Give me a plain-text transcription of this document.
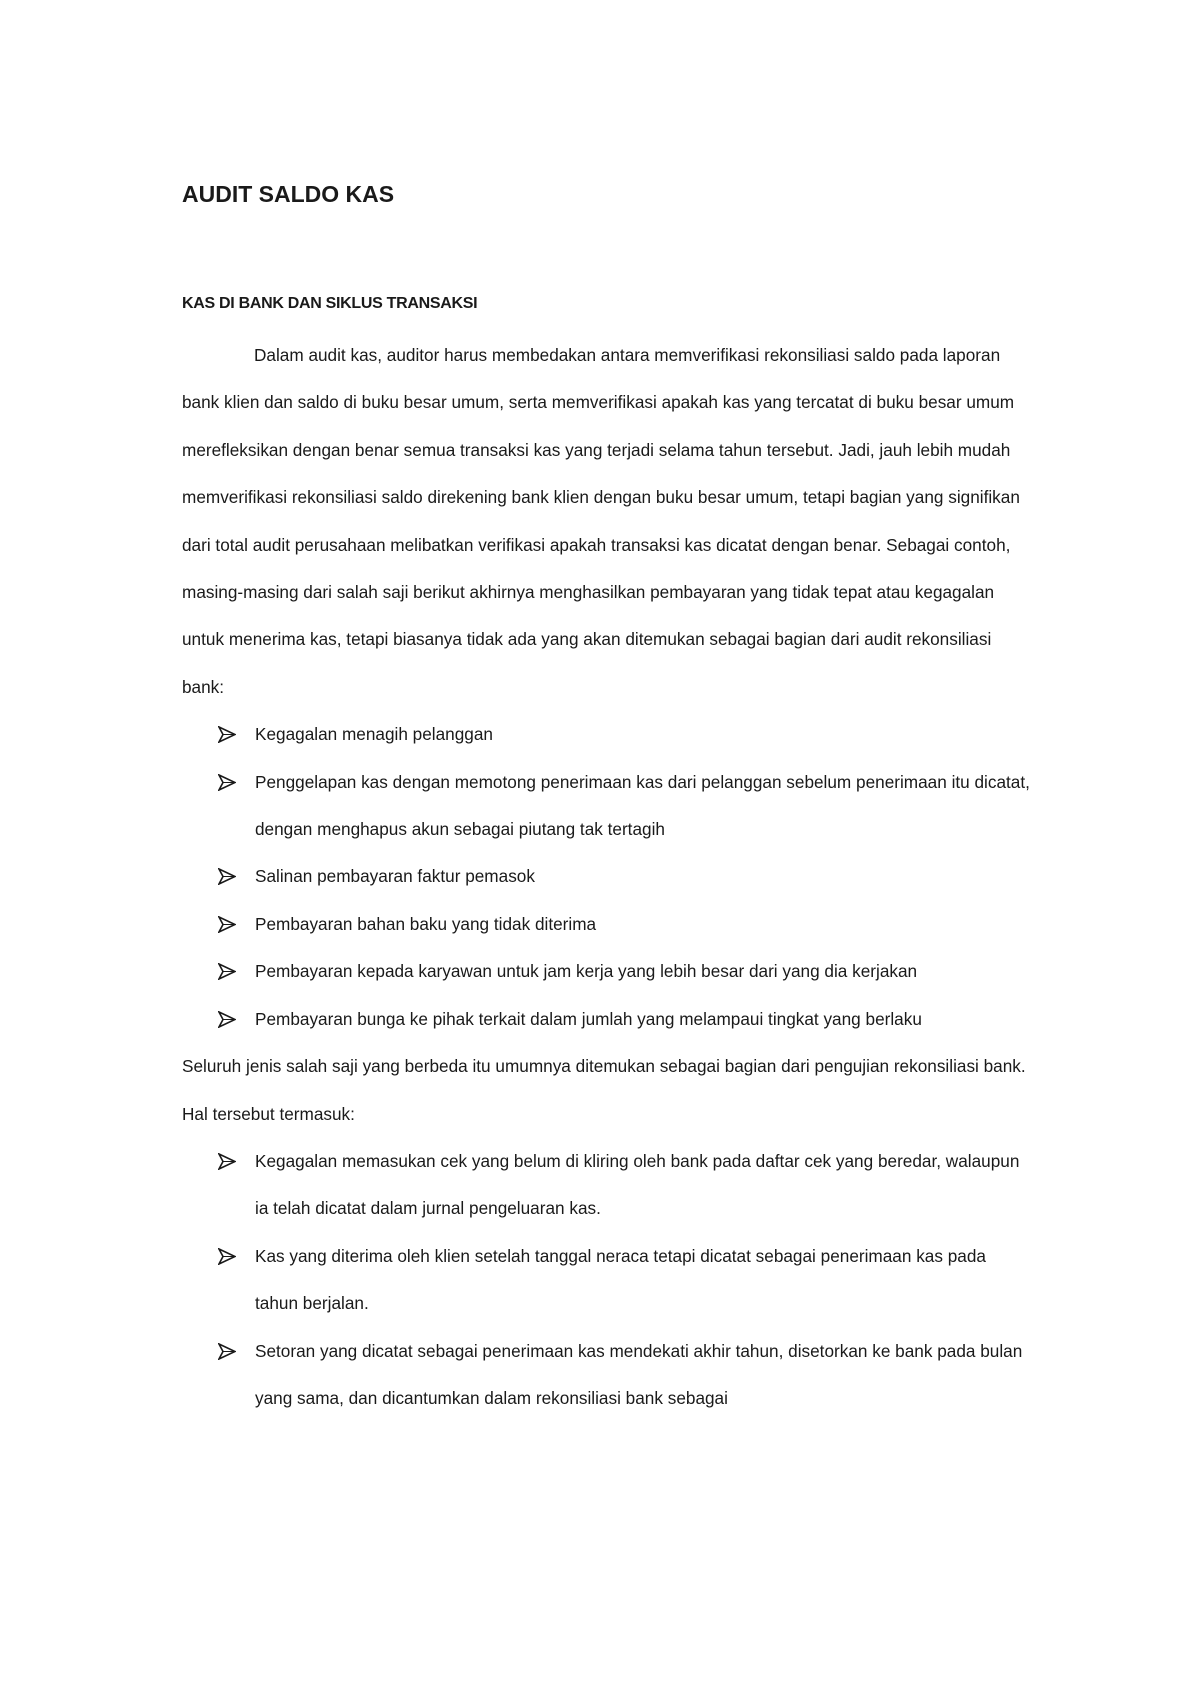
AUDIT SALDO KAS
KAS DI BANK DAN SIKLUS TRANSAKSI

Dalam audit kas, auditor harus membedakan antara memverifikasi rekonsiliasi saldo pada laporan bank klien dan saldo di buku besar umum, serta memverifikasi apakah kas yang tercatat di buku besar umum merefleksikan dengan benar semua transaksi kas yang terjadi selama tahun tersebut. Jadi, jauh lebih mudah memverifikasi rekonsiliasi saldo direkening bank klien dengan buku besar umum, tetapi bagian yang signifikan dari total audit perusahaan melibatkan verifikasi apakah transaksi kas dicatat dengan benar. Sebagai contoh, masing-masing dari salah saji berikut akhirnya menghasilkan pembayaran yang tidak tepat atau kegagalan untuk menerima kas, tetapi biasanya tidak ada yang akan ditemukan sebagai bagian dari audit rekonsiliasi bank:

Kegagalan menagih pelanggan
Penggelapan kas dengan memotong penerimaan kas dari pelanggan sebelum penerimaan itu dicatat, dengan menghapus akun sebagai piutang tak tertagih
Salinan pembayaran faktur pemasok
Pembayaran bahan baku yang tidak diterima
Pembayaran kepada karyawan untuk jam kerja yang lebih besar dari yang dia kerjakan
Pembayaran bunga ke pihak terkait dalam jumlah yang melampaui tingkat yang berlaku

Seluruh jenis salah saji yang berbeda itu umumnya ditemukan sebagai bagian dari pengujian rekonsiliasi bank. Hal tersebut termasuk:

Kegagalan memasukan cek yang belum di kliring oleh bank pada daftar cek yang beredar, walaupun ia telah dicatat dalam jurnal pengeluaran kas.
Kas yang diterima oleh klien setelah tanggal neraca tetapi dicatat sebagai penerimaan kas pada tahun berjalan.
Setoran yang dicatat sebagai penerimaan kas mendekati akhir tahun, disetorkan ke bank pada bulan yang sama, dan dicantumkan dalam rekonsiliasi bank sebagai
